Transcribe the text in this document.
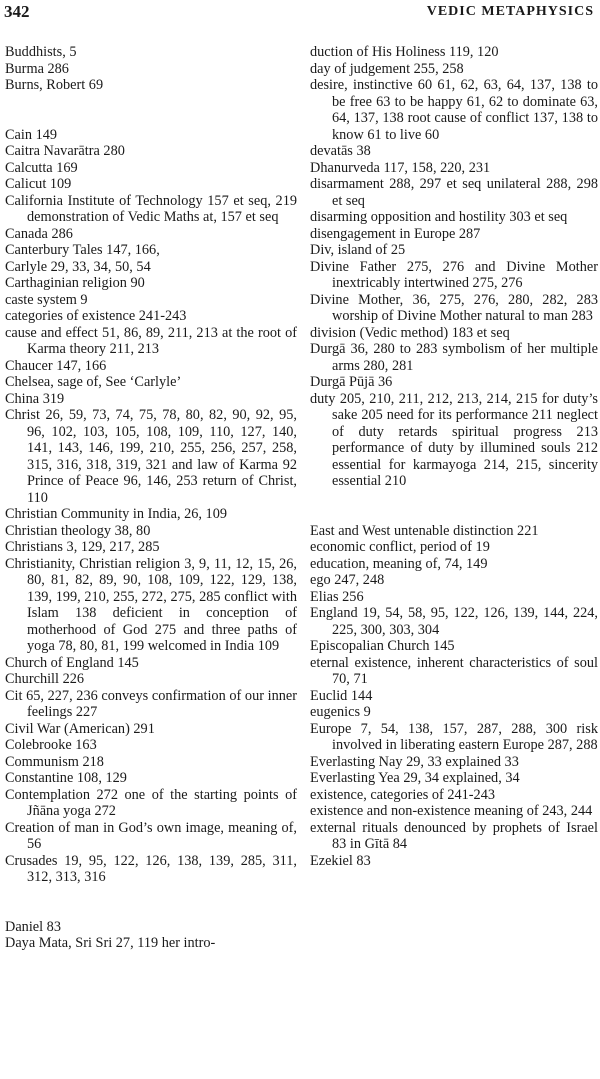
342	VEDIC METAPHYSICS
Buddhists, 5
Burma 286
Burns, Robert 69
Cain 149
Caitra Navarātra 280
Calcutta 169
Calicut 109
California Institute of Technology 157 et seq, 219 demonstration of Vedic Maths at, 157 et seq
Canada 286
Canterbury Tales 147, 166,
Carlyle 29, 33, 34, 50, 54
Carthaginian religion 90
caste system 9
categories of existence 241-243
cause and effect 51, 86, 89, 211, 213 at the root of Karma theory 211, 213
Chaucer 147, 166
Chelsea, sage of, See ‘Carlyle’
China 319
Christ 26, 59, 73, 74, 75, 78, 80, 82, 90, 92, 95, 96, 102, 103, 105, 108, 109, 110, 127, 140, 141, 143, 146, 199, 210, 255, 256, 257, 258, 315, 316, 318, 319, 321 and law of Karma 92 Prince of Peace 96, 146, 253 return of Christ, 110
Christian Community in India, 26, 109
Christian theology 38, 80
Christians 3, 129, 217, 285
Christianity, Christian religion 3, 9, 11, 12, 15, 26, 80, 81, 82, 89, 90, 108, 109, 122, 129, 138, 139, 199, 210, 255, 272, 275, 285 conflict with Islam 138 deficient in conception of motherhood of God 275 and three paths of yoga 78, 80, 81, 199 welcomed in India 109
Church of England 145
Churchill 226
Cit 65, 227, 236 conveys confirmation of our inner feelings 227
Civil War (American) 291
Colebrooke 163
Communism 218
Constantine 108, 129
Contemplation 272 one of the starting points of Jñāna yoga 272
Creation of man in God’s own image, meaning of, 56
Crusades 19, 95, 122, 126, 138, 139, 285, 311, 312, 313, 316
Daniel 83
Daya Mata, Sri Sri 27, 119 her intro-
duction of His Holiness 119, 120
day of judgement 255, 258
desire, instinctive 60 61, 62, 63, 64, 137, 138 to be free 63 to be happy 61, 62 to dominate 63, 64, 137, 138 root cause of conflict 137, 138 to know 61 to live 60
devatās 38
Dhanurveda 117, 158, 220, 231
disarmament 288, 297 et seq unilateral 288, 298 et seq
disarming opposition and hostility 303 et seq
disengagement in Europe 287
Div, island of 25
Divine Father 275, 276 and Divine Mother inextricably intertwined 275, 276
Divine Mother, 36, 275, 276, 280, 282, 283 worship of Divine Mother natural to man 283
division (Vedic method) 183 et seq
Durgā 36, 280 to 283 symbolism of her multiple arms 280, 281
Durgā Pūjā 36
duty 205, 210, 211, 212, 213, 214, 215 for duty’s sake 205 need for its performance 211 neglect of duty retards spiritual progress 213 performance of duty by illumined souls 212 essential for karmayoga 214, 215, sincerity essential 210
East and West untenable distinction 221
economic conflict, period of 19
education, meaning of, 74, 149
ego 247, 248
Elias 256
England 19, 54, 58, 95, 122, 126, 139, 144, 224, 225, 300, 303, 304
Episcopalian Church 145
eternal existence, inherent characteristics of soul 70, 71
Euclid 144
eugenics 9
Europe 7, 54, 138, 157, 287, 288, 300 risk involved in liberating eastern Europe 287, 288
Everlasting Nay 29, 33 explained 33
Everlasting Yea 29, 34 explained, 34
existence, categories of 241-243
existence and non-existence meaning of 243, 244
external rituals denounced by prophets of Israel 83 in Gītā 84
Ezekiel 83
